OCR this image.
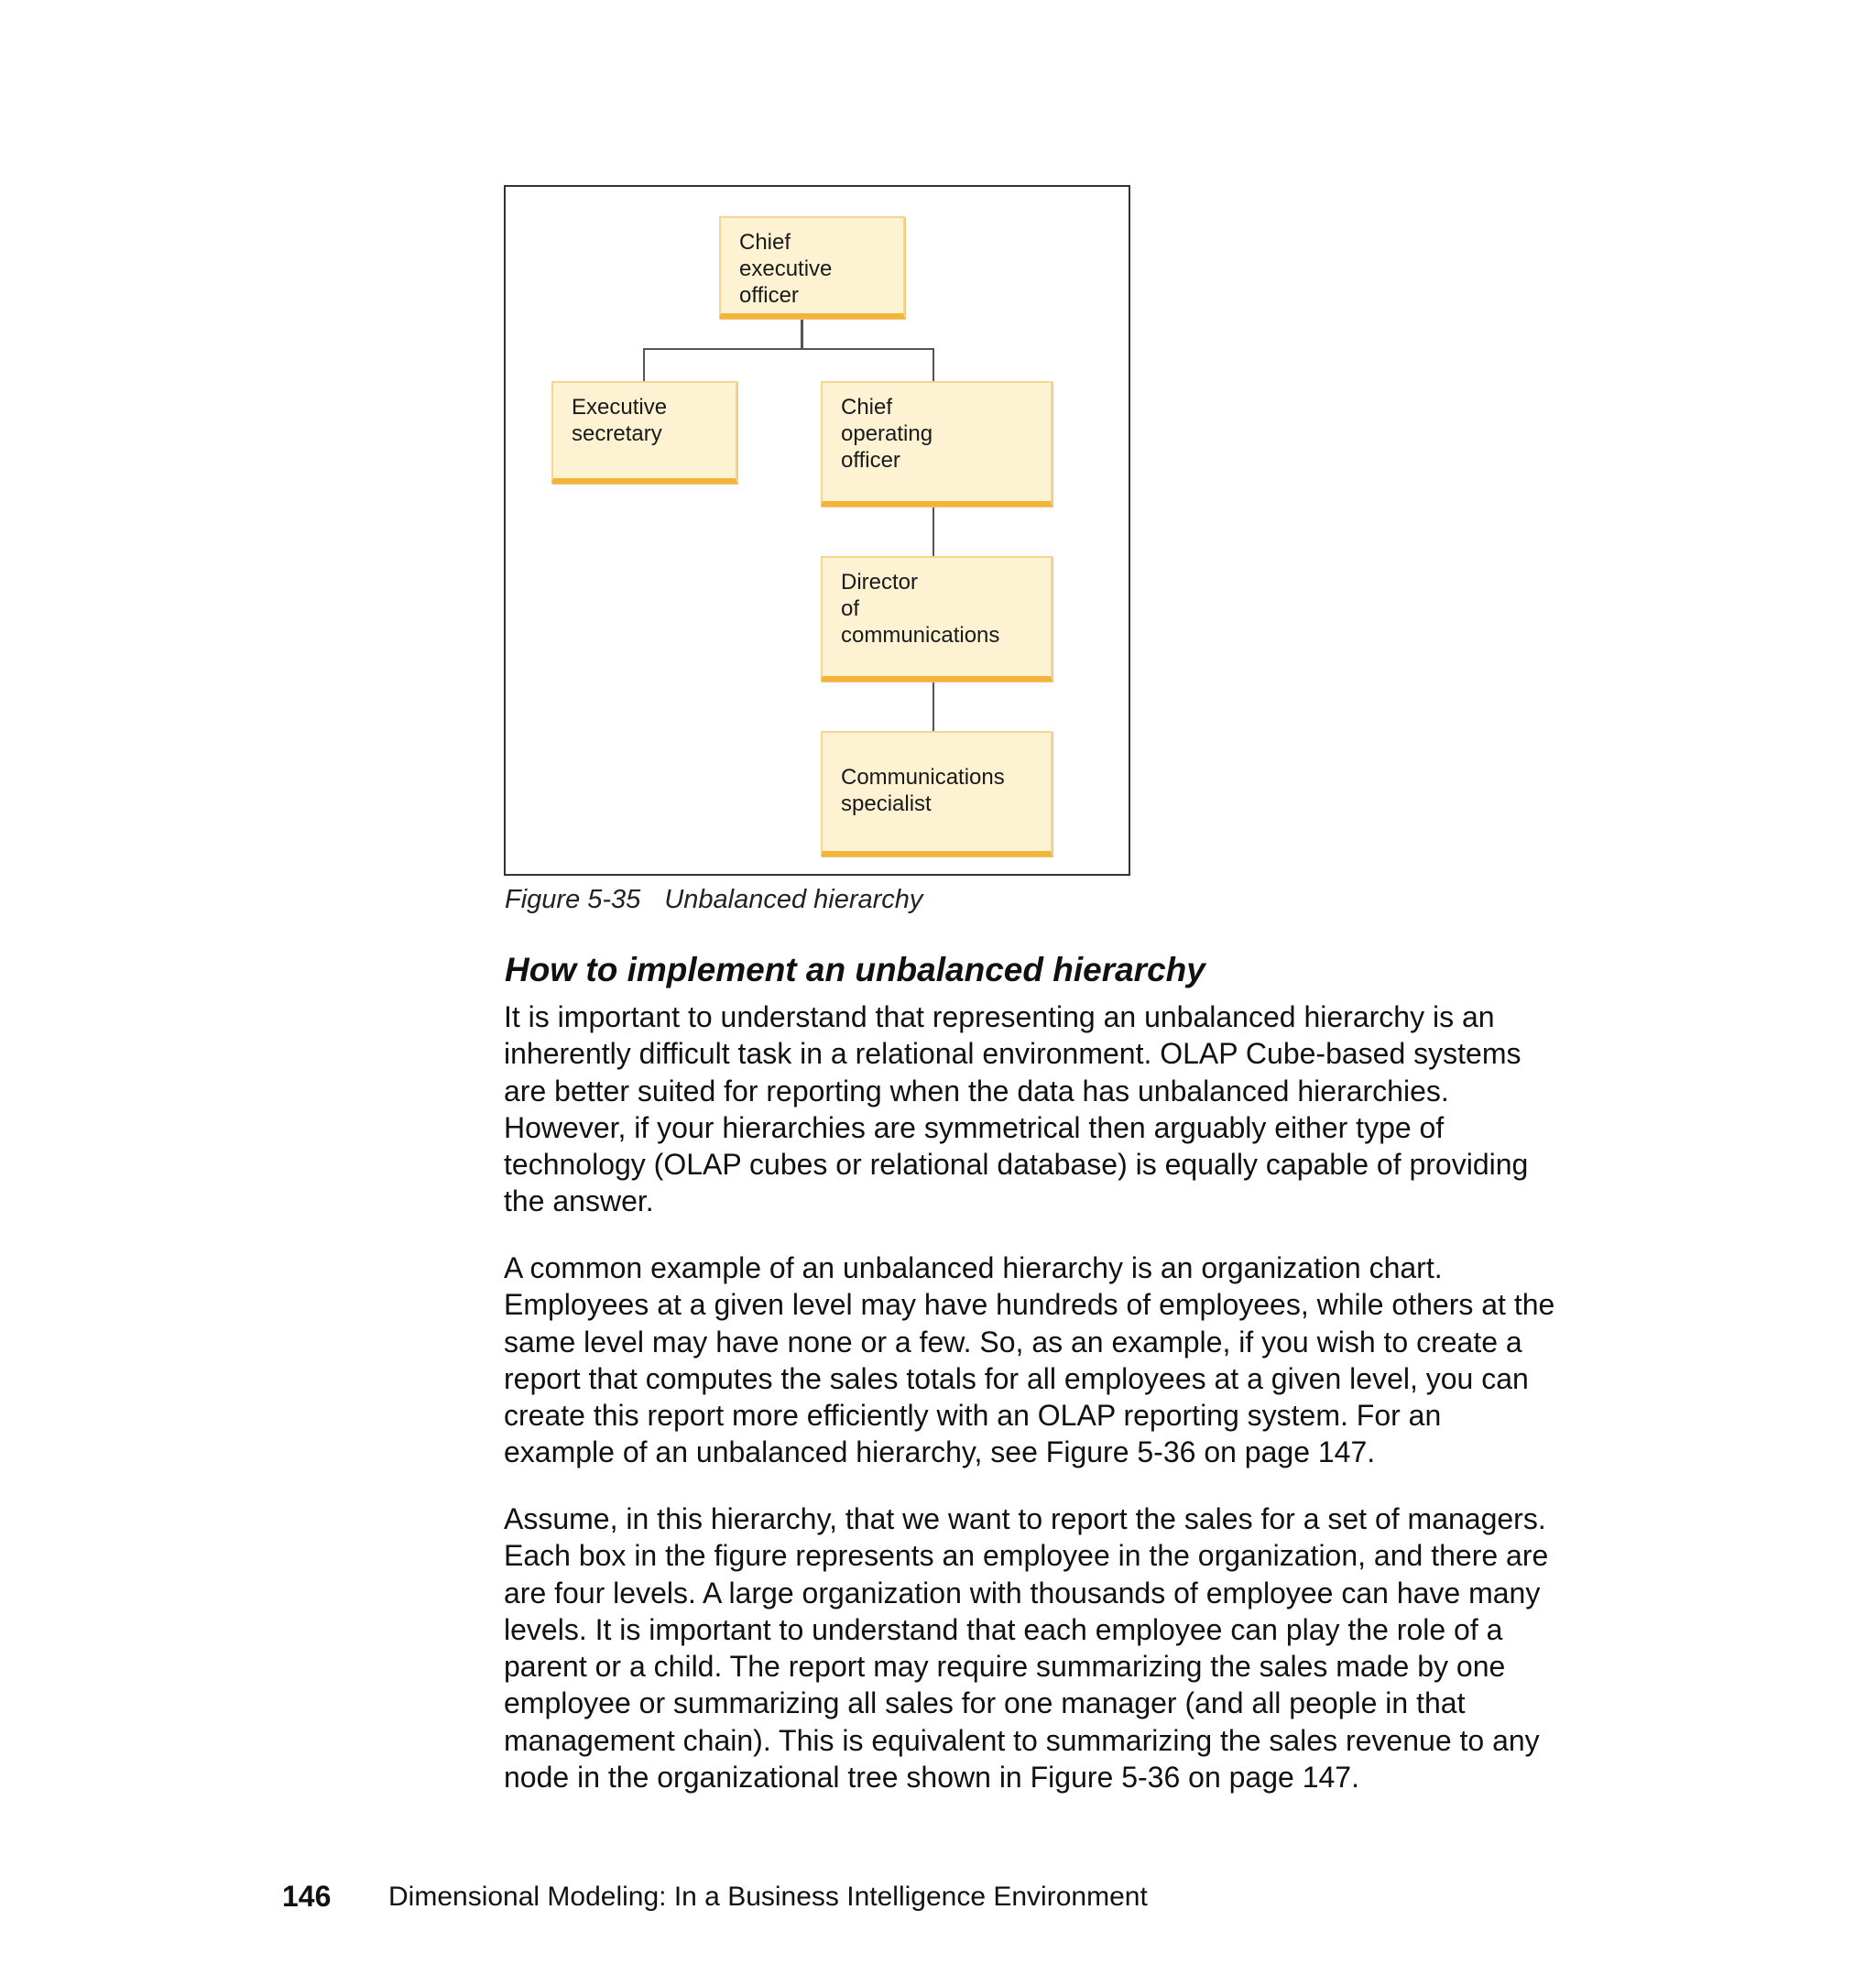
Chief
executive
officer
Executive
secretary
Chief
operating
officer
Director
of
communications
Communications
specialist
Figure 5-35 Unbalanced hierarchy
How to implement an unbalanced hierarchy

It is important to understand that representing an unbalanced hierarchy is an
inherently difficult task in a relational environment. OLAP Cube-based systems
are better suited for reporting when the data has unbalanced hierarchies.
However, if your hierarchies are symmetrical then arguably either type of
technology (OLAP cubes or relational database) is equally capable of providing
the answer.

A common example of an unbalanced hierarchy is an organization chart.
Employees at a given level may have hundreds of employees, while others at the
same level may have none or a few. So, as an example, if you wish to create a
report that computes the sales totals for all employees at a given level, you can
create this report more efficiently with an OLAP reporting system. For an
example of an unbalanced hierarchy, see Figure 5-36 on page 147.

Assume, in this hierarchy, that we want to report the sales for a set of managers.
Each box in the figure represents an employee in the organization, and there are
are four levels. A large organization with thousands of employee can have many
levels. It is important to understand that each employee can play the role of a
parent or a child. The report may require summarizing the sales made by one
employee or summarizing all sales for one manager (and all people in that
management chain). This is equivalent to summarizing the sales revenue to any
node in the organizational tree shown in Figure 5-36 on page 147.

146 Dimensional Modeling: In a Business Intelligence Environment
